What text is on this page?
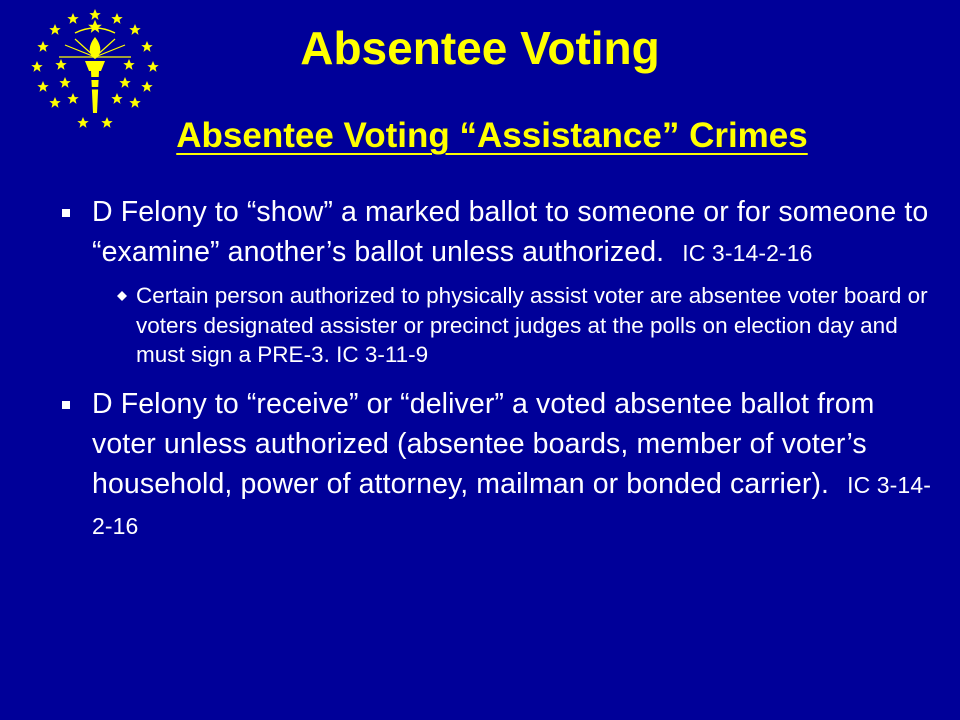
Absentee Voting
Absentee Voting “Assistance” Crimes
D Felony to “show” a marked ballot to someone or for someone to “examine” another’s ballot unless authorized. IC 3-14-2-16
Certain person authorized to physically assist voter are absentee voter board or voters designated assister or precinct judges at the polls on election day and must sign a PRE-3. IC 3-11-9
D Felony to “receive” or “deliver” a voted absentee ballot from voter unless authorized (absentee boards, member of voter’s household, power of attorney, mailman or bonded carrier). IC 3-14-2-16
